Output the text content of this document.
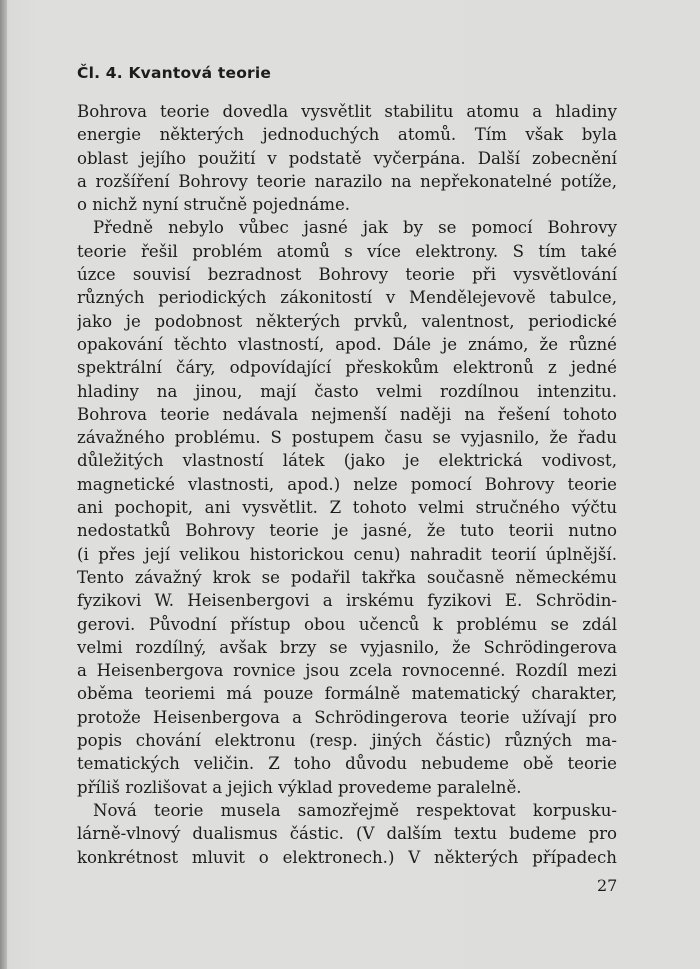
Čl. 4. Kvantová teorie
Bohrova teorie dovedla vysvětlit stabilitu atomu a hladiny
energie některých jednoduchých atomů. Tím však byla
oblast jejího použití v podstatě vyčerpána. Další zobecnění
a rozšíření Bohrovy teorie narazilo na nepřekonatelné potíže,
o nichž nyní stručně pojednáme.
Předně nebylo vůbec jasné jak by se pomocí Bohrovy
teorie řešil problém atomů s více elektrony. S tím také
úzce souvisí bezradnost Bohrovy teorie při vysvětlování
různých periodických zákonitostí v Mendělejevově tabulce,
jako je podobnost některých prvků, valentnost, periodické
opakování těchto vlastností, apod. Dále je známo, že různé
spektrální čáry, odpovídající přeskokům elektronů z jedné
hladiny na jinou, mají často velmi rozdílnou intenzitu.
Bohrova teorie nedávala nejmenší naději na řešení tohoto
závažného problému. S postupem času se vyjasnilo, že řadu
důležitých vlastností látek (jako je elektrická vodivost,
magnetické vlastnosti, apod.) nelze pomocí Bohrovy teorie
ani pochopit, ani vysvětlit. Z tohoto velmi stručného výčtu
nedostatků Bohrovy teorie je jasné, že tuto teorii nutno
(i přes její velikou historickou cenu) nahradit teorií úplnější.
Tento závažný krok se podařil takřka současně německému
fyzikovi W. Heisenbergovi a irskému fyzikovi E. Schrödin-
gerovi. Původní přístup obou učenců k problému se zdál
velmi rozdílný, avšak brzy se vyjasnilo, že Schrödingerova
a Heisenbergova rovnice jsou zcela rovnocenné. Rozdíl mezi
oběma teoriemi má pouze formálně matematický charakter,
protože Heisenbergova a Schrödingerova teorie užívají pro
popis chování elektronu (resp. jiných částic) různých ma-
tematických veličin. Z toho důvodu nebudeme obě teorie
příliš rozlišovat a jejich výklad provedeme paralelně.
Nová teorie musela samozřejmě respektovat korpusku-
lárně-vlnový dualismus částic. (V dalším textu budeme pro
konkrétnost mluvit o elektronech.) V některých případech
27
